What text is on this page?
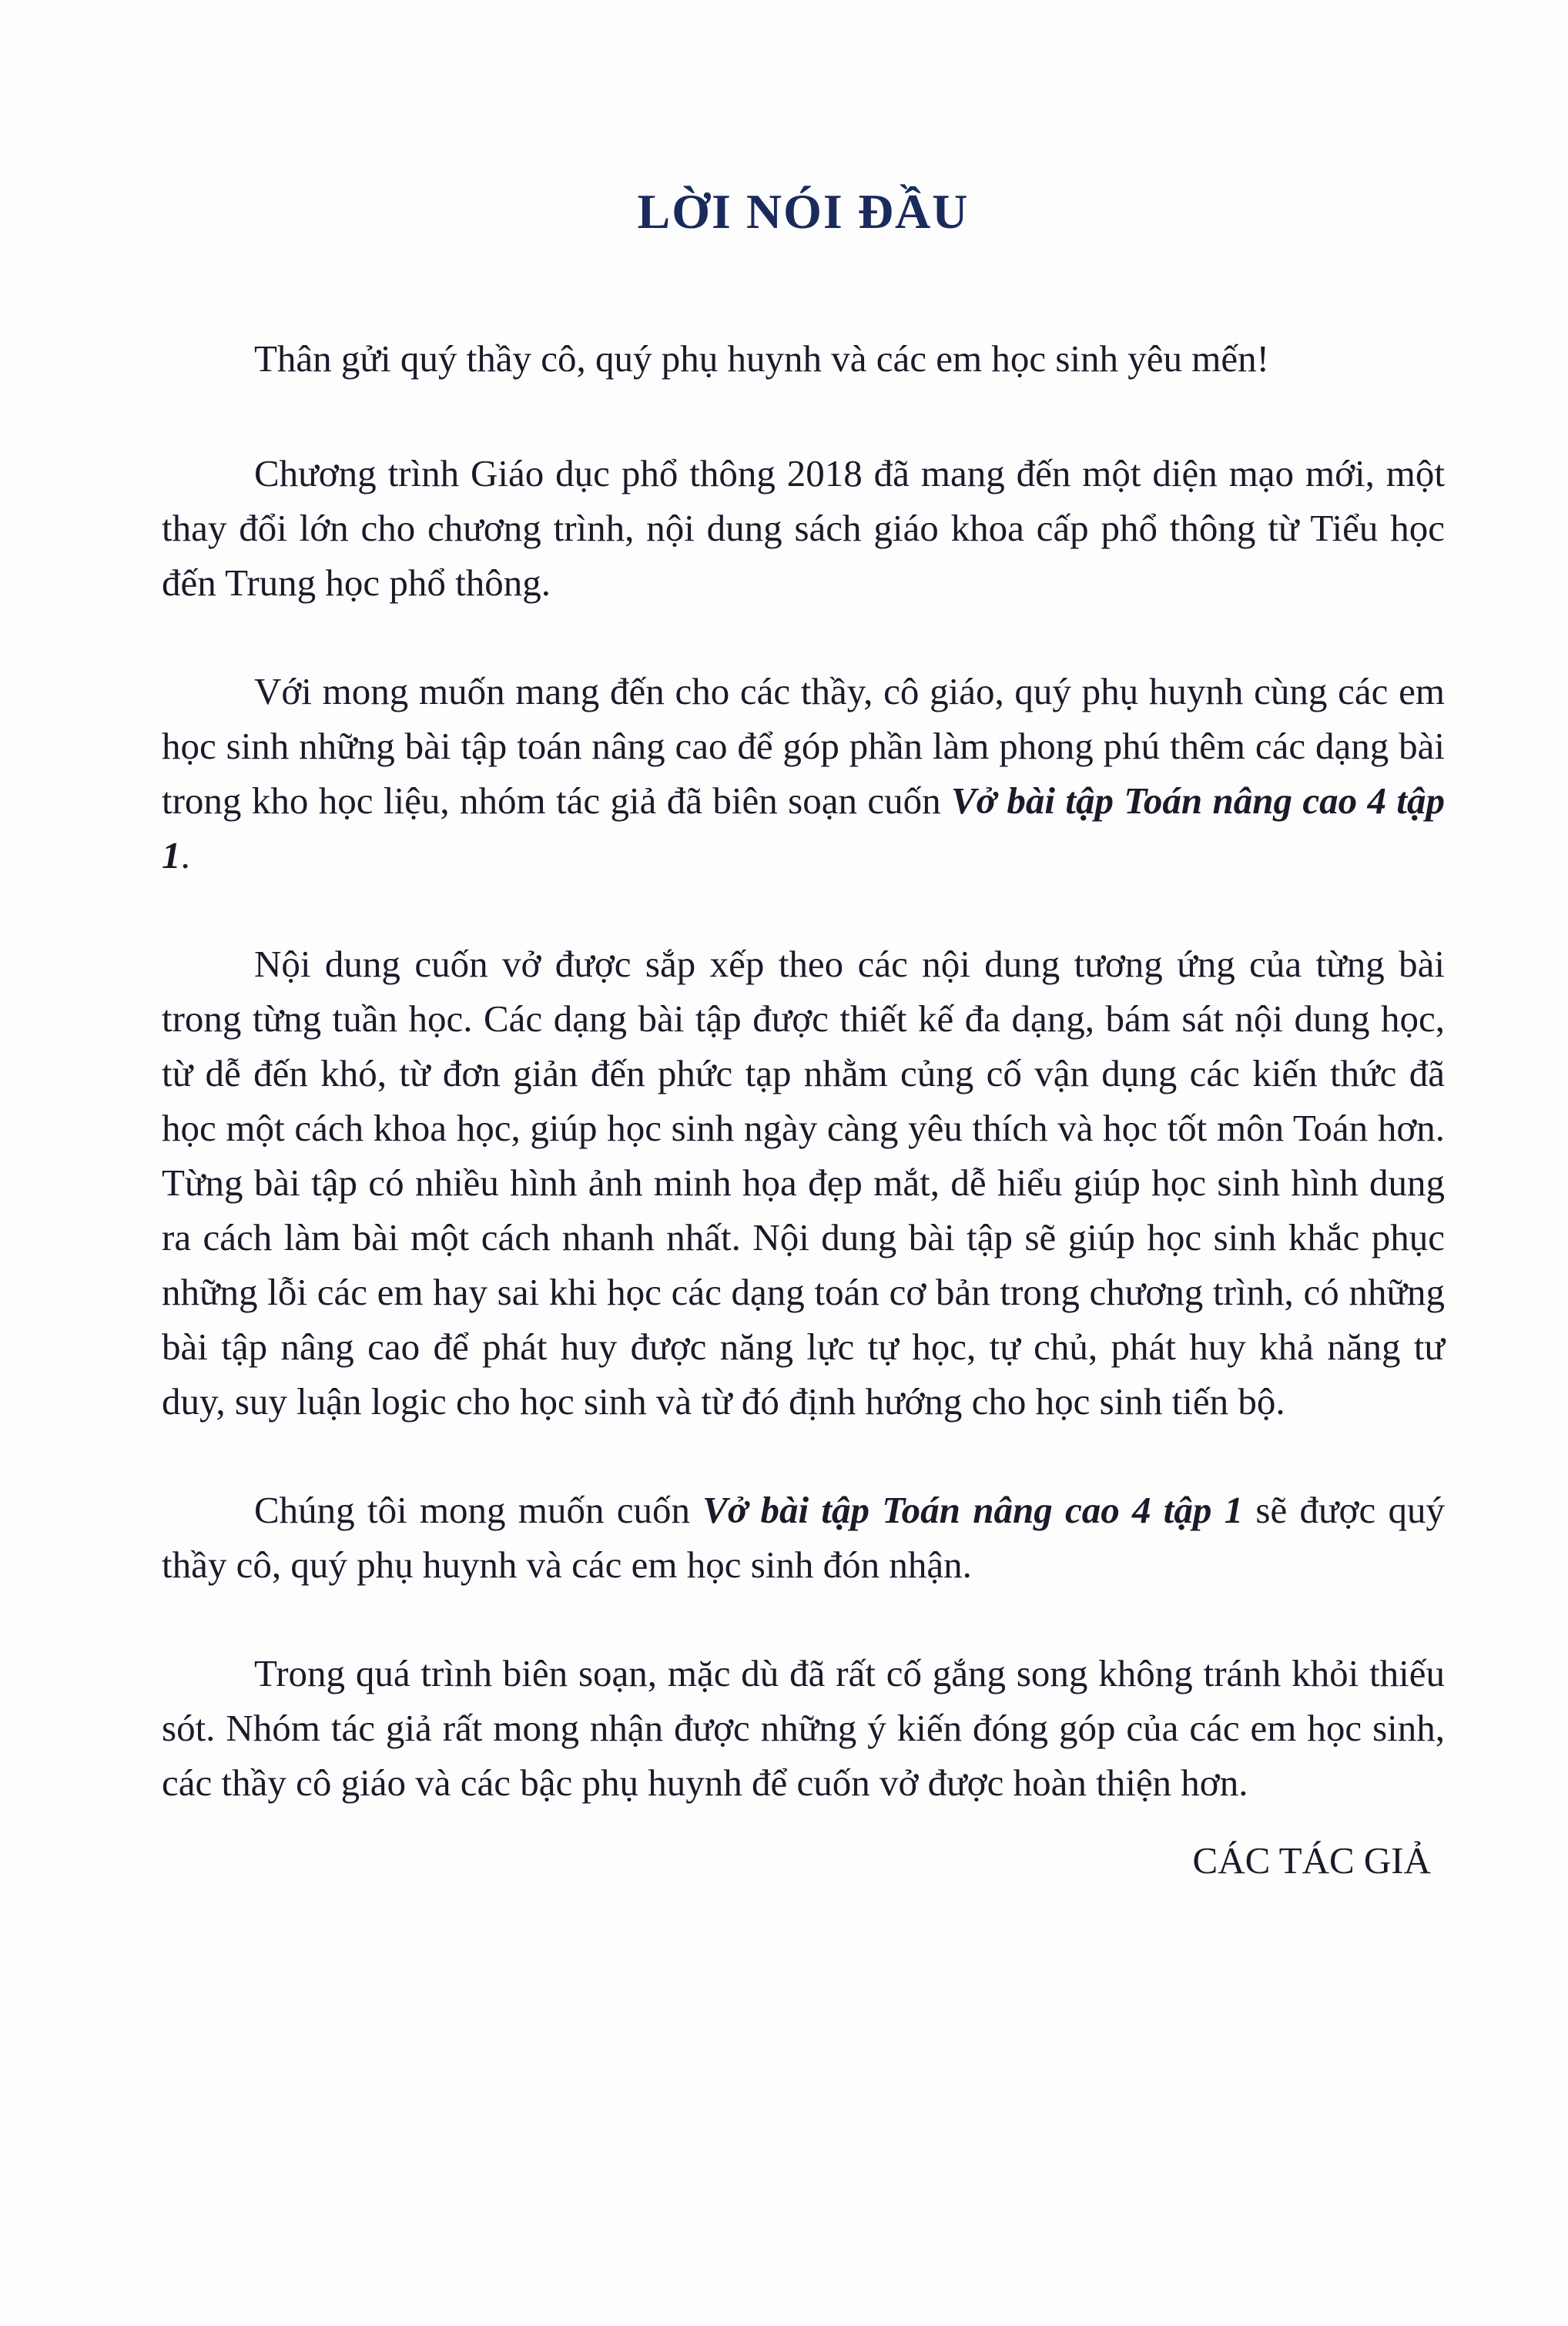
LỜI NÓI ĐẦU

Thân gửi quý thầy cô, quý phụ huynh và các em học sinh yêu mến!

Chương trình Giáo dục phổ thông 2018 đã mang đến một diện mạo mới, một thay đổi lớn cho chương trình, nội dung sách giáo khoa cấp phổ thông từ Tiểu học đến Trung học phổ thông.

Với mong muốn mang đến cho các thầy, cô giáo, quý phụ huynh cùng các em học sinh những bài tập toán nâng cao để góp phần làm phong phú thêm các dạng bài trong kho học liệu, nhóm tác giả đã biên soạn cuốn Vở bài tập Toán nâng cao 4 tập 1.

Nội dung cuốn vở được sắp xếp theo các nội dung tương ứng của từng bài trong từng tuần học. Các dạng bài tập được thiết kế đa dạng, bám sát nội dung học, từ dễ đến khó, từ đơn giản đến phức tạp nhằm củng cố vận dụng các kiến thức đã học một cách khoa học, giúp học sinh ngày càng yêu thích và học tốt môn Toán hơn. Từng bài tập có nhiều hình ảnh minh họa đẹp mắt, dễ hiểu giúp học sinh hình dung ra cách làm bài một cách nhanh nhất. Nội dung bài tập sẽ giúp học sinh khắc phục những lỗi các em hay sai khi học các dạng toán cơ bản trong chương trình, có những bài tập nâng cao để phát huy được năng lực tự học, tự chủ, phát huy khả năng tư duy, suy luận logic cho học sinh và từ đó định hướng cho học sinh tiến bộ.

Chúng tôi mong muốn cuốn Vở bài tập Toán nâng cao 4 tập 1 sẽ được quý thầy cô, quý phụ huynh và các em học sinh đón nhận.

Trong quá trình biên soạn, mặc dù đã rất cố gắng song không tránh khỏi thiếu sót. Nhóm tác giả rất mong nhận được những ý kiến đóng góp của các em học sinh, các thầy cô giáo và các bậc phụ huynh để cuốn vở được hoàn thiện hơn.

CÁC TÁC GIẢ
